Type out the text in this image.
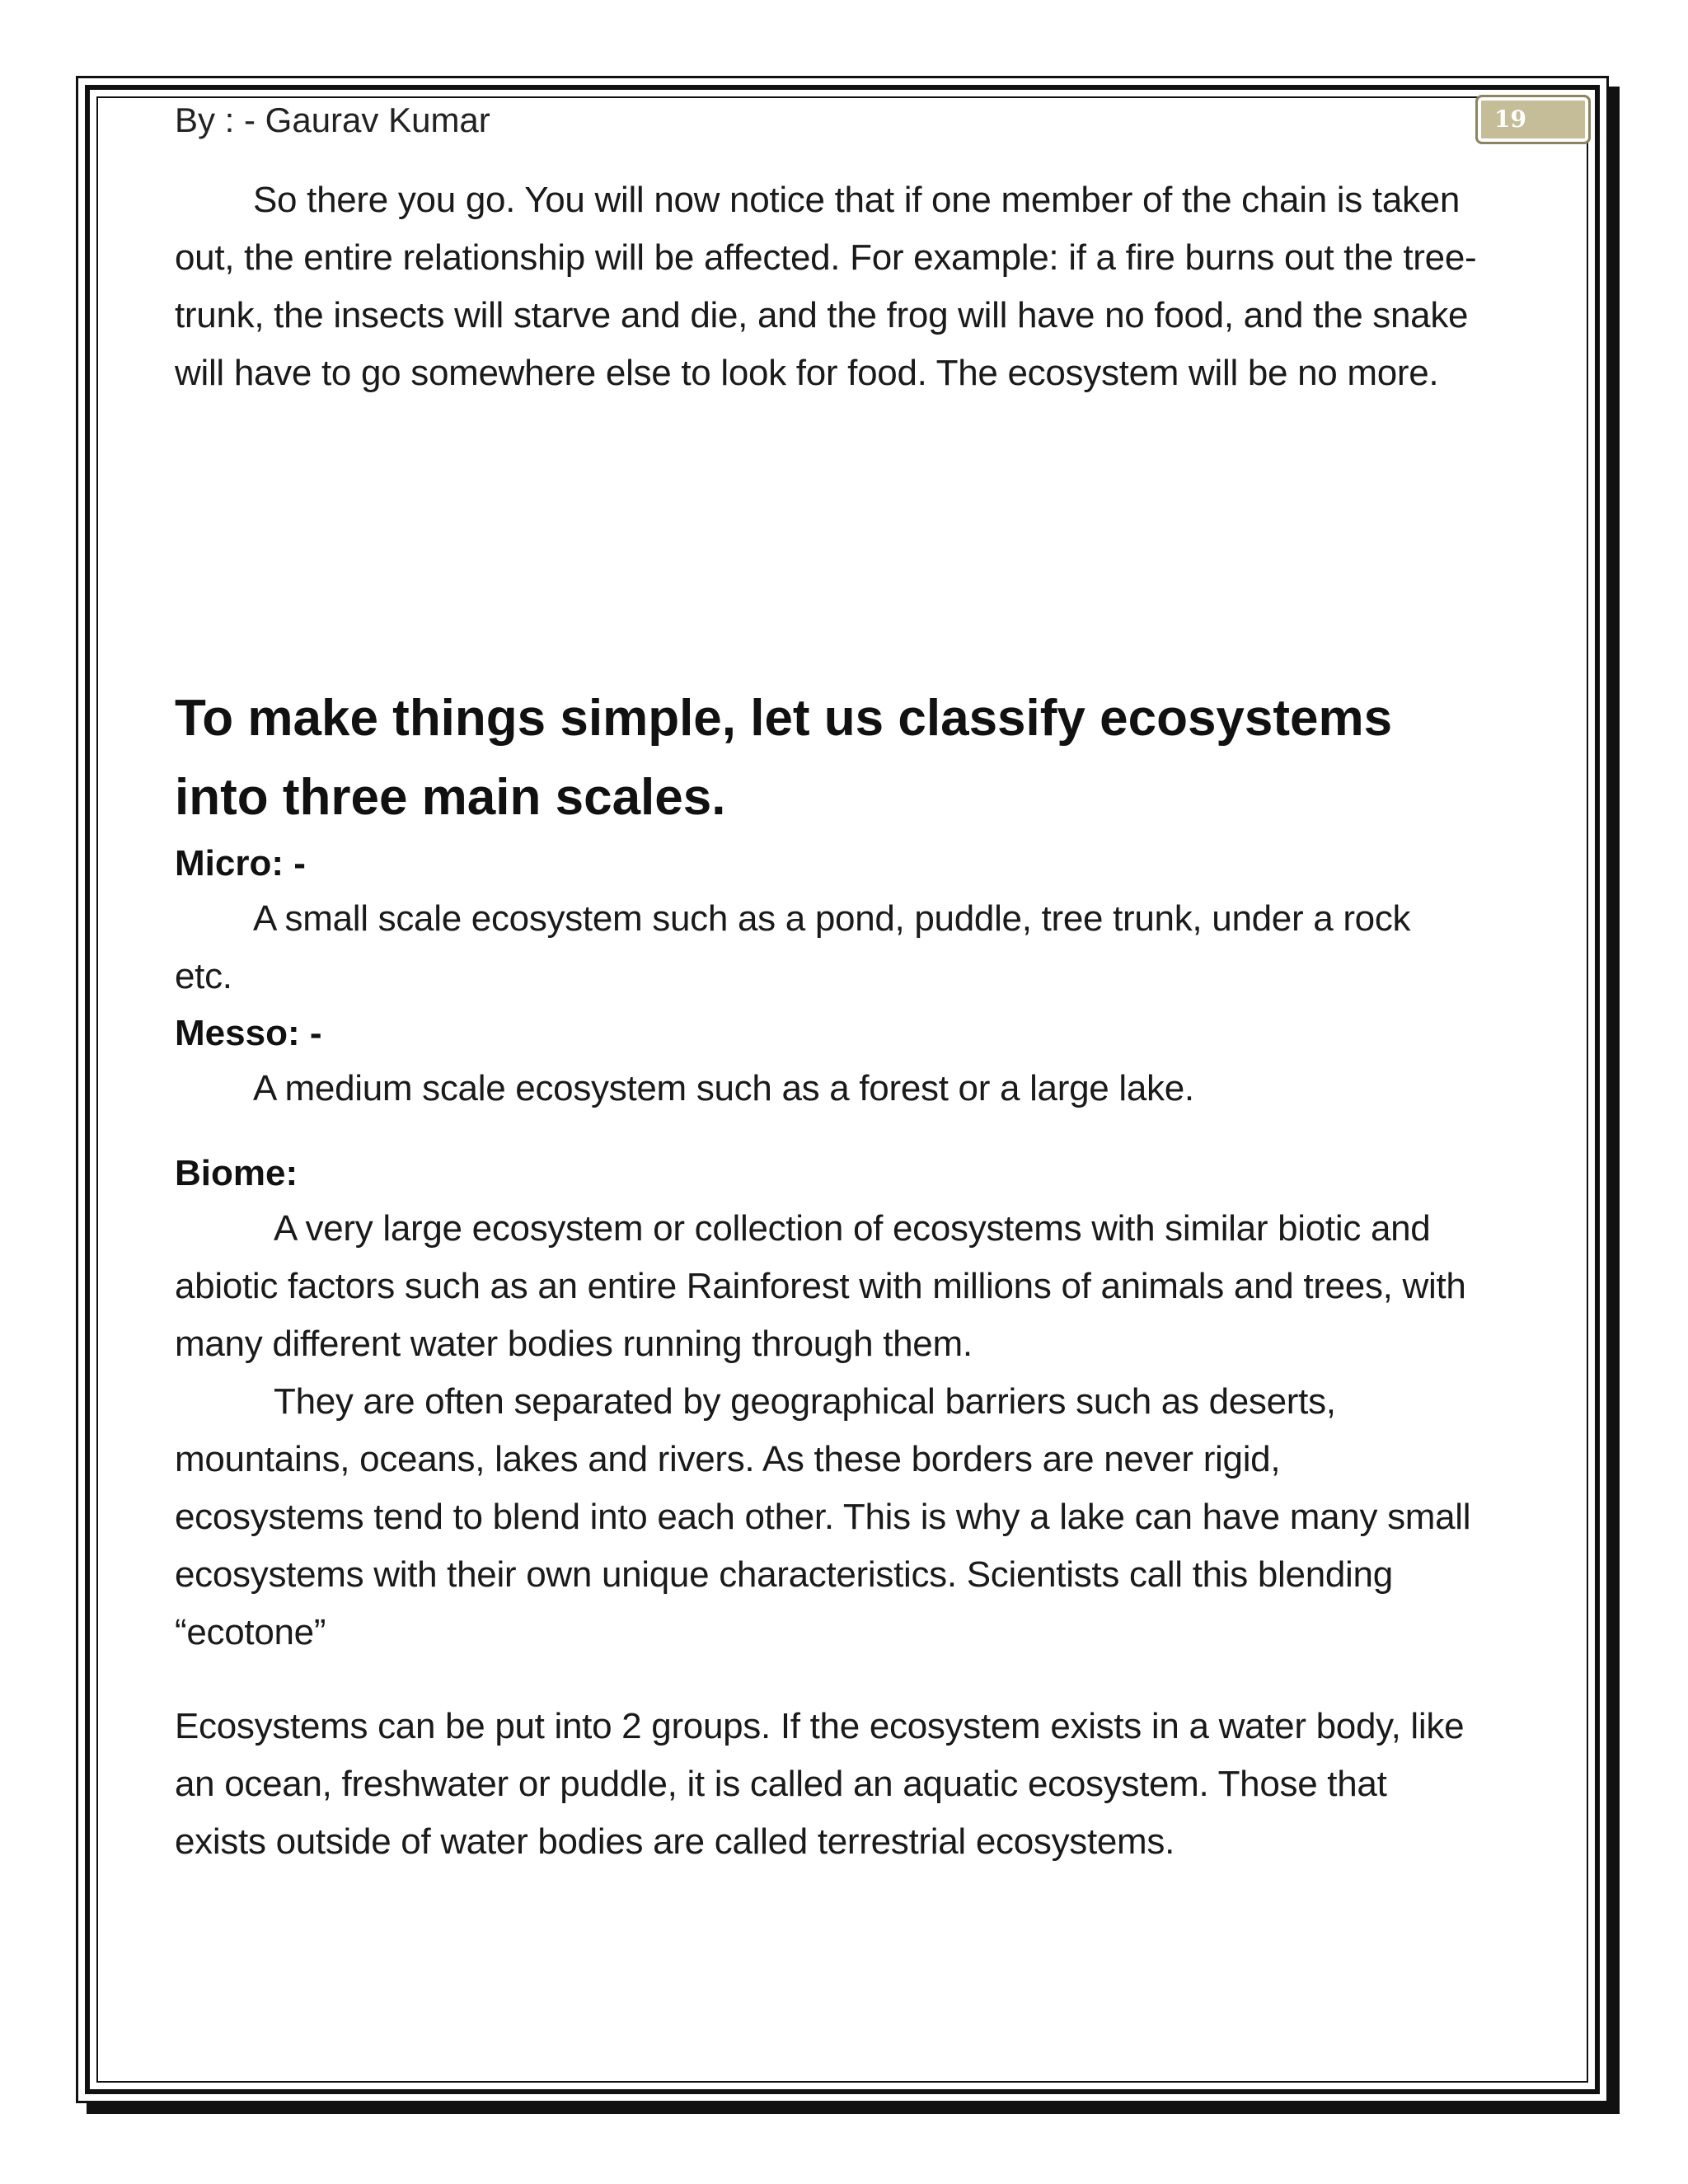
By : - Gaurav Kumar	19

So there you go. You will now notice that if one member of the chain is taken out, the entire relationship will be affected. For example: if a fire burns out the tree-trunk, the insects will starve and die, and the frog will have no food, and the snake will have to go somewhere else to look for food. The ecosystem will be no more.

To make things simple, let us classify ecosystems into three main scales.
Micro: -

A small scale ecosystem such as a pond, puddle, tree trunk, under a rock etc.

Messo: -

A medium scale ecosystem such as a forest or a large lake.

Biome:

A very large ecosystem or collection of ecosystems with similar biotic and abiotic factors such as an entire Rainforest with millions of animals and trees, with many different water bodies running through them.

They are often separated by geographical barriers such as deserts, mountains, oceans, lakes and rivers. As these borders are never rigid, ecosystems tend to blend into each other. This is why a lake can have many small ecosystems with their own unique characteristics. Scientists call this blending “ecotone”

Ecosystems can be put into 2 groups. If the ecosystem exists in a water body, like an ocean, freshwater or puddle, it is called an aquatic ecosystem. Those that exists outside of water bodies are called terrestrial ecosystems.
